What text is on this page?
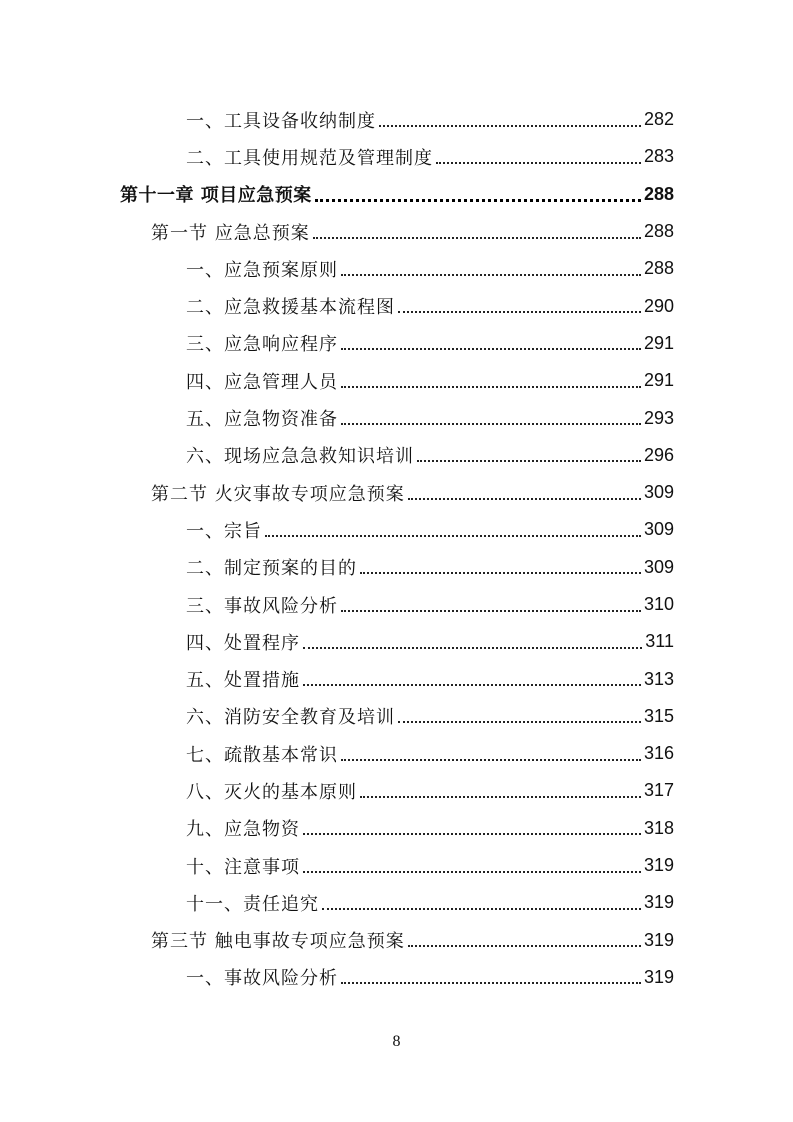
一、工具设备收纳制度	282
二、工具使用规范及管理制度	283
第十一章 项目应急预案	288
第一节 应急总预案	288
一、应急预案原则	288
二、应急救援基本流程图	290
三、应急响应程序	291
四、应急管理人员	291
五、应急物资准备	293
六、现场应急急救知识培训	296
第二节 火灾事故专项应急预案	309
一、宗旨	309
二、制定预案的目的	309
三、事故风险分析	310
四、处置程序	311
五、处置措施	313
六、消防安全教育及培训	315
七、疏散基本常识	316
八、灭火的基本原则	317
九、应急物资	318
十、注意事项	319
十一、责任追究	319
第三节 触电事故专项应急预案	319
一、事故风险分析	319
8
